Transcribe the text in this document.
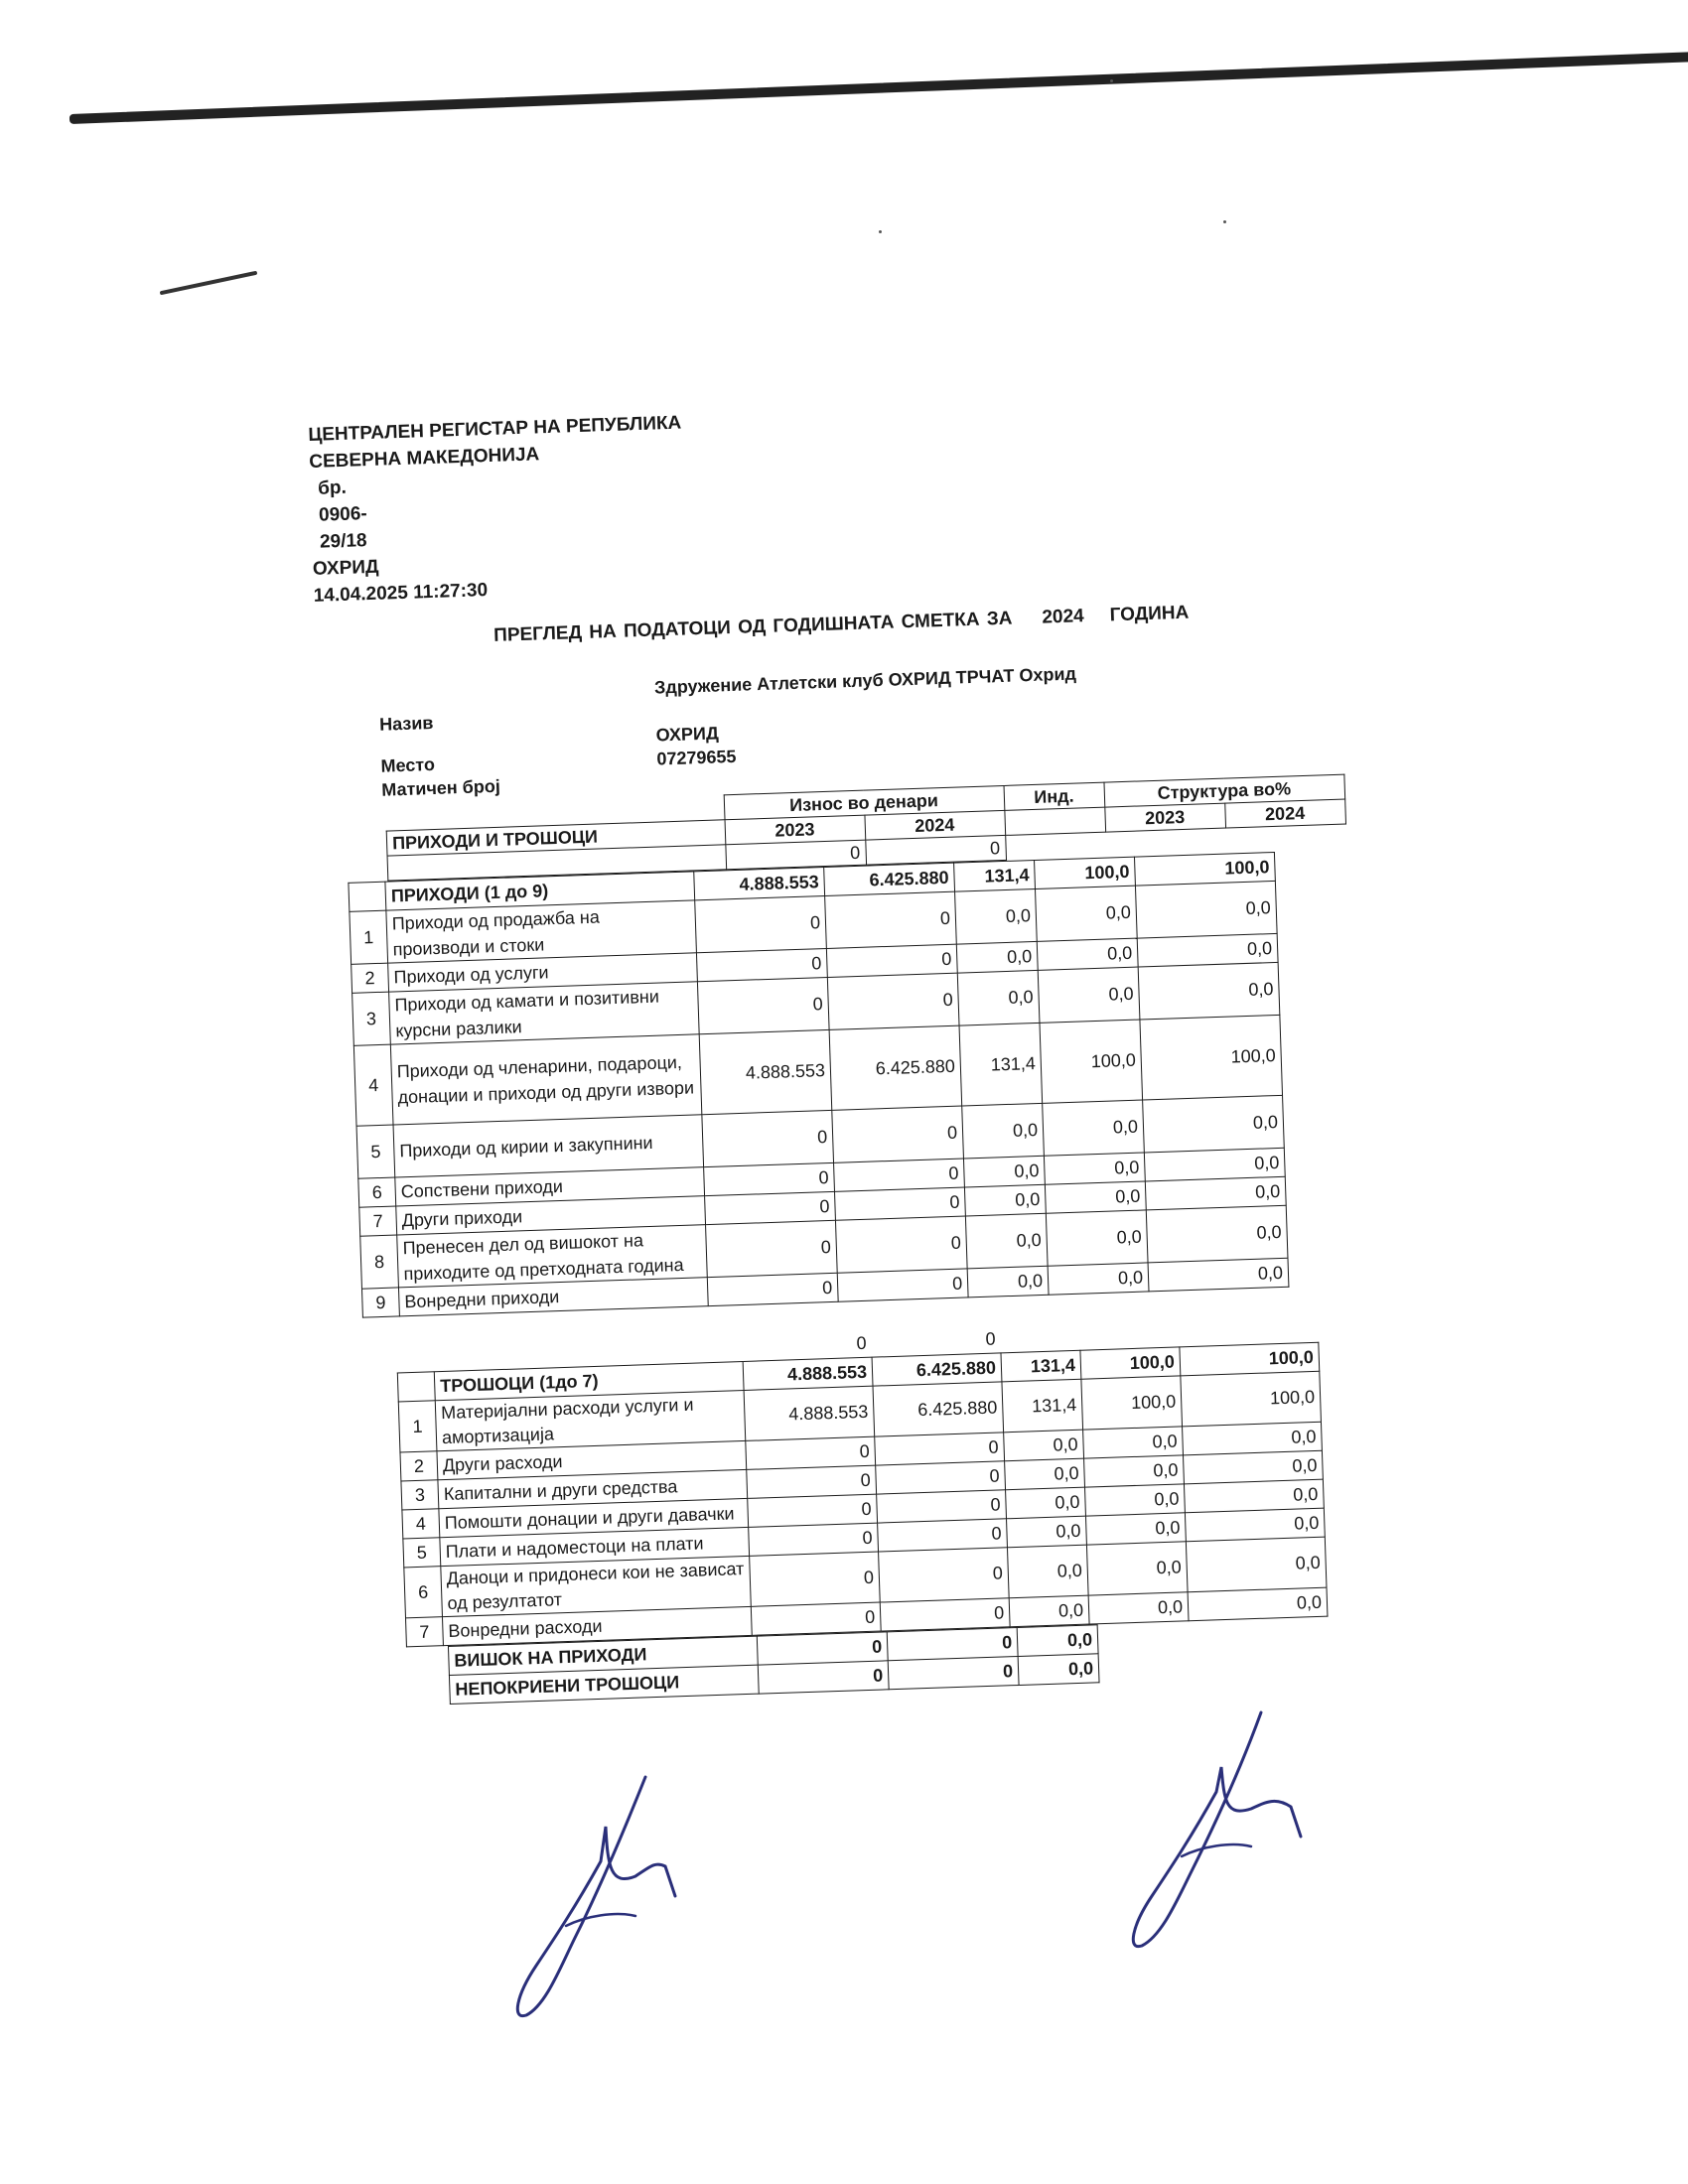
ЦЕНТРАЛЕН РЕГИСТАР НА РЕПУБЛИКА
СЕВЕРНА МАКЕДОНИЈА
бр.  0906-29/18
ОХРИД
14.04.2025 11:27:30
ПРЕГЛЕД НА ПОДАТОЦИ ОД ГОДИШНАТА СМЕТКА ЗА 2024 ГОДИНА
Назив
Здружение Атлетски клуб ОХРИД ТРЧАТ Охрид
Место
ОХРИД
Матичен број
07279655
	Износ во денари		Инд.	Структура во%	
ПРИХОДИ И ТРОШОЦИ	2023	2024		2023	2024
	0	0			
	ПРИХОДИ (1 до 9)	4.888.553	6.425.880	131,4	100,0	100,0
1	Приходи од продажба на производи и стоки	0	0	0,0	0,0	0,0
2	Приходи од услуги	0	0	0,0	0,0	0,0
3	Приходи од камати и позитивни курсни разлики	0	0	0,0	0,0	0,0
4	Приходи од членарини, подароци, донации и приходи од други извори	4.888.553	6.425.880	131,4	100,0	100,0
5	Приходи од кирии и закупнини	0	0	0,0	0,0	0,0
6	Сопствени приходи	0	0	0,0	0,0	0,0
7	Други приходи	0	0	0,0	0,0	0,0
8	Пренесен дел од вишокот на приходите од претходната година	0	0	0,0	0,0	0,0
9	Вонредни приходи	0	0	0,0	0,0	0,0
		0	0			
	ТРОШОЦИ (1до 7)	4.888.553	6.425.880	131,4	100,0	100,0
1	Материјални расходи услуги и амортизација	4.888.553	6.425.880	131,4	100,0	100,0
2	Други расходи	0	0	0,0	0,0	0,0
3	Капитални и други средства	0	0	0,0	0,0	0,0
4	Помошти донации и други давачки	0	0	0,0	0,0	0,0
5	Плати и надоместоци на плати	0	0	0,0	0,0	0,0
6	Даноци и придонеси кои не зависат од резултатот	0	0	0,0	0,0	0,0
7	Вонредни расходи	0	0	0,0	0,0	0,0
ВИШОК НА ПРИХОДИ	0	0	0,0
НЕПОКРИЕНИ ТРОШОЦИ	0	0	0,0
